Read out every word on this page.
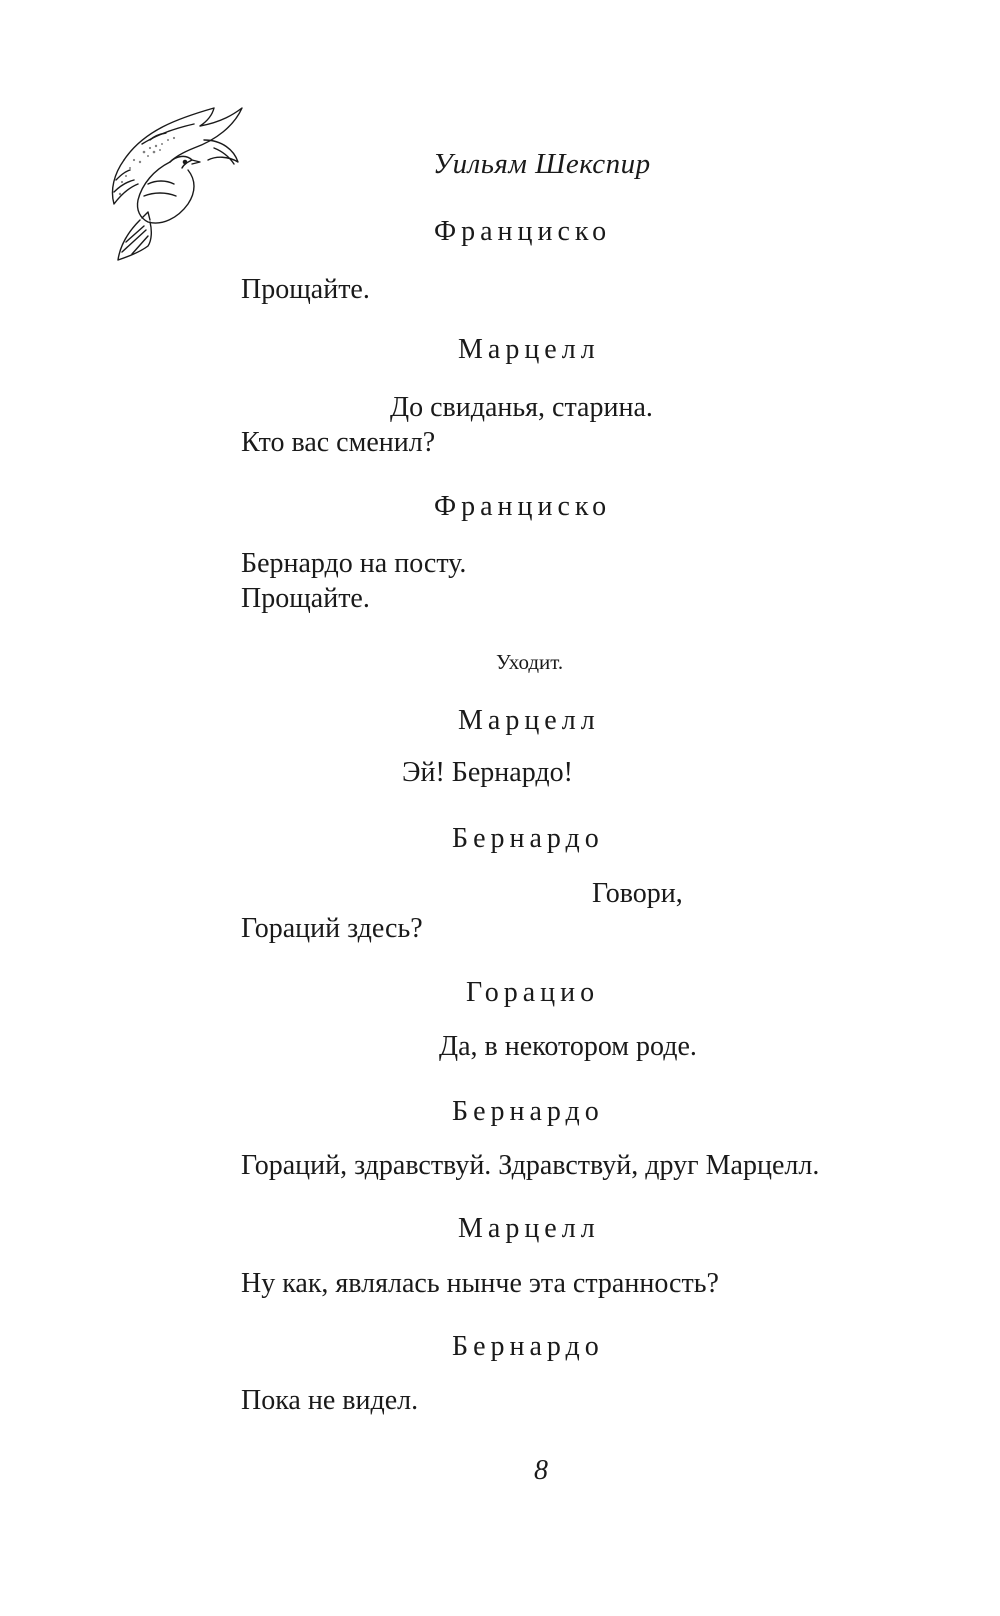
Уильям Шекспир
Франциско
Прощайте.
Марцелл
До свиданья, старина.
Кто вас сменил?
Франциско
Бернардо на посту.
Прощайте.
Уходит.
Марцелл
Эй! Бернардо!
Бернардо
Говори,
Гораций здесь?
Горацио
Да, в некотором роде.
Бернардо
Гораций, здравствуй. Здравствуй, друг Марцелл.
Марцелл
Ну как, являлась нынче эта странность?
Бернардо
Пока не видел.
8
